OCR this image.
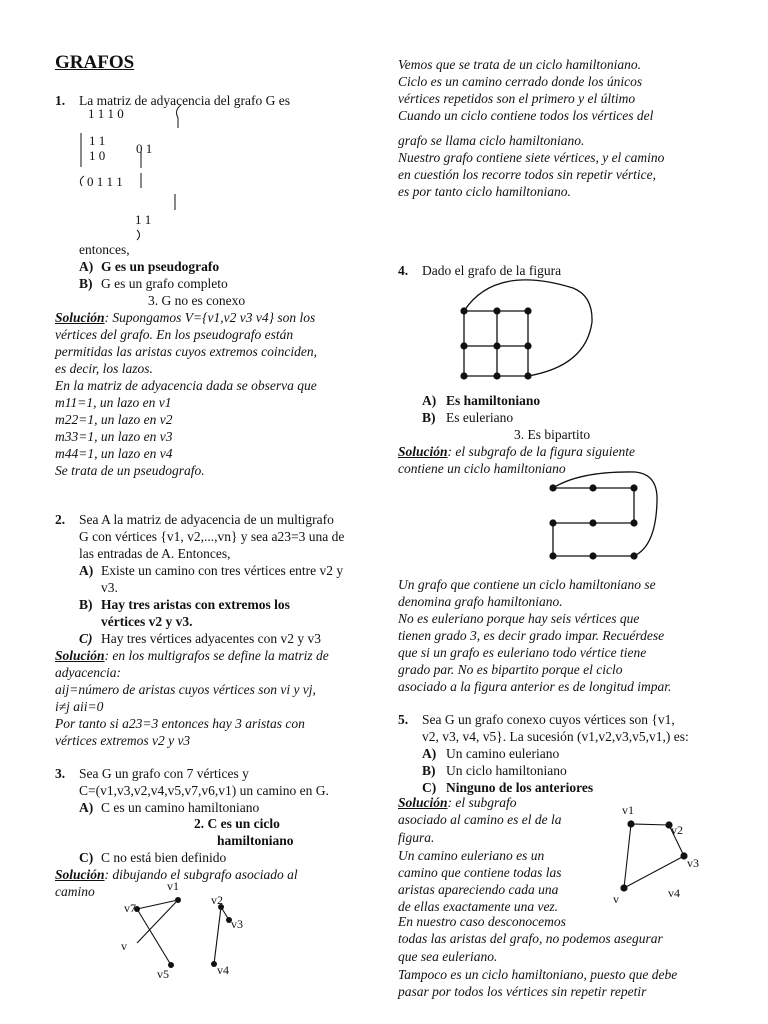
GRAFOS
1. La matriz de adyacencia del grafo G es
1 1 1 0
1 1
1 0 0 1
0 1 1 1
1 1
entonces,
A) G es un pseudografo
B) G es un grafo completo
3. G no es conexo
Solución: Supongamos V={v1,v2 v3 v4} son los
vértices del grafo. En los pseudografo están
permitidas las aristas cuyos extremos coinciden,
es decir, los lazos.
En la matriz de adyacencia dada se observa que
m11=1, un lazo en v1
m22=1, un lazo en v2
m33=1, un lazo en v3
m44=1, un lazo en v4
Se trata de un pseudografo.
2. Sea A la matriz de adyacencia de un multigrafo
G con vértices {v1, v2,...,vn} y sea a23=3 una de
las entradas de A. Entonces,
A) Existe un camino con tres vértices entre v2 y
v3.
B) Hay tres aristas con extremos los
vértices v2 y v3.
C) Hay tres vértices adyacentes con v2 y v3
Solución: en los multigrafos se define la matriz de
adyacencia:
aij=número de aristas cuyos vértices son vi y vj,
i≠j aii=0
Por tanto si a23=3 entonces hay 3 aristas con
vértices extremos v2 y v3
3. Sea G un grafo con 7 vértices y
C=(v1,v3,v2,v4,v5,v7,v6,v1) un camino en G.
A) C es un camino hamiltoniano
2. C es un ciclo
hamiltoniano
C) C no está bien definido
Solución: dibujando el subgrafo asociado al
camino	v1
v2
v3
v4
v5
v7
v
Vemos que se trata de un ciclo hamiltoniano.
Ciclo es un camino cerrado donde los únicos
vértices repetidos son el primero y el último
Cuando un ciclo contiene todos los vértices del
grafo se llama ciclo hamiltoniano.
Nuestro grafo contiene siete vértices, y el camino
en cuestión los recorre todos sin repetir vértice,
es por tanto ciclo hamiltoniano.
4. Dado el grafo de la figura
A) Es hamiltoniano
B) Es euleriano
3. Es bipartito
Solución: el subgrafo de la figura siguiente
contiene un ciclo hamiltoniano
Un grafo que contiene un ciclo hamiltoniano se
denomina grafo hamiltoniano.
No es euleriano porque hay seis vértices que
tienen grado 3, es decir grado impar. Recuérdese
que si un grafo es euleriano todo vértice tiene
grado par. No es bipartito porque el ciclo
asociado a la figura anterior es de longitud impar.
5. Sea G un grafo conexo cuyos vértices son {v1,
v2, v3, v4, v5}. La sucesión (v1,v2,v3,v5,v1,) es:
A) Un camino euleriano
B) Un ciclo hamiltoniano
C) Ninguno de los anteriores
Solución: el subgrafo
asociado al camino es el de la
figura.
Un camino euleriano es un
camino que contiene todas las
aristas apareciendo cada una
de ellas exactamente una vez.
En nuestro caso desconocemos
todas las aristas del grafo, no podemos asegurar
que sea euleriano.
Tampoco es un ciclo hamiltoniano, puesto que debe
pasar por todos los vértices sin repetir repetir
v1
v2
v3
v4
v
